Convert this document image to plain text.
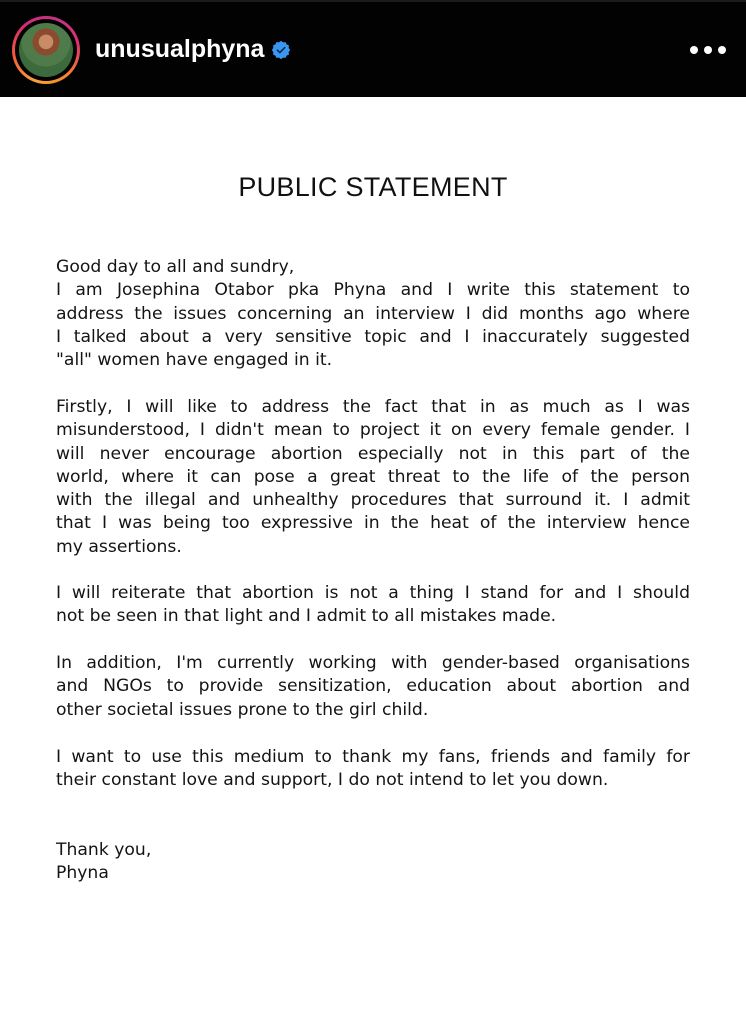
unusualphyna
PUBLIC STATEMENT
Good day to all and sundry,
I am Josephina Otabor pka Phyna and I write this statement to
address the issues concerning an interview I did months ago where
I talked about a very sensitive topic and I inaccurately suggested
"all" women have engaged in it.
Firstly, I will like to address the fact that in as much as I was
misunderstood, I didn't mean to project it on every female gender. I
will never encourage abortion especially not in this part of the
world, where it can pose a great threat to the life of the person
with the illegal and unhealthy procedures that surround it. I admit
that I was being too expressive in the heat of the interview hence
my assertions.
I will reiterate that abortion is not a thing I stand for and I should
not be seen in that light and I admit to all mistakes made.
In addition, I'm currently working with gender-based organisations
and NGOs to provide sensitization, education about abortion and
other societal issues prone to the girl child.
I want to use this medium to thank my fans, friends and family for
their constant love and support, I do not intend to let you down.
Thank you,
Phyna
